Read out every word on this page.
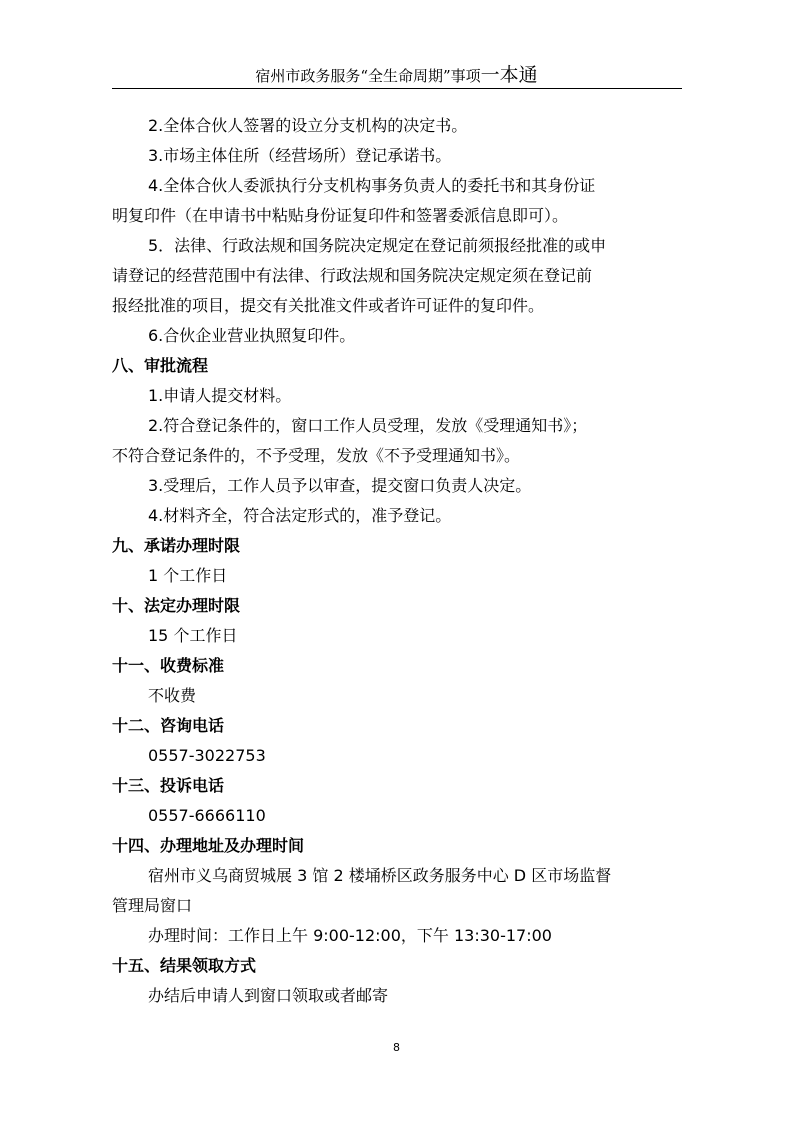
宿州市政务服务“全生命周期”事项一本通
2.全体合伙人签署的设立分支机构的决定书。
3.市场主体住所（经营场所）登记承诺书。
4.全体合伙人委派执行分支机构事务负责人的委托书和其身份证
明复印件（在申请书中粘贴身份证复印件和签署委派信息即可）。
5．法律、行政法规和国务院决定规定在登记前须报经批准的或申
请登记的经营范围中有法律、行政法规和国务院决定规定须在登记前
报经批准的项目，提交有关批准文件或者许可证件的复印件。
6.合伙企业营业执照复印件。
八、审批流程
1.申请人提交材料。
2.符合登记条件的，窗口工作人员受理，发放《受理通知书》；
不符合登记条件的，不予受理，发放《不予受理通知书》。
3.受理后，工作人员予以审查，提交窗口负责人决定。
4.材料齐全，符合法定形式的，准予登记。
九、承诺办理时限
1 个工作日
十、法定办理时限
15 个工作日
十一、收费标准
不收费
十二、咨询电话
0557-3022753
十三、投诉电话
0557-6666110
十四、办理地址及办理时间
宿州市义乌商贸城展 3 馆 2 楼埇桥区政务服务中心 D 区市场监督
管理局窗口
办理时间：工作日上午 9:00-12:00，下午 13:30-17:00
十五、结果领取方式
办结后申请人到窗口领取或者邮寄
8
